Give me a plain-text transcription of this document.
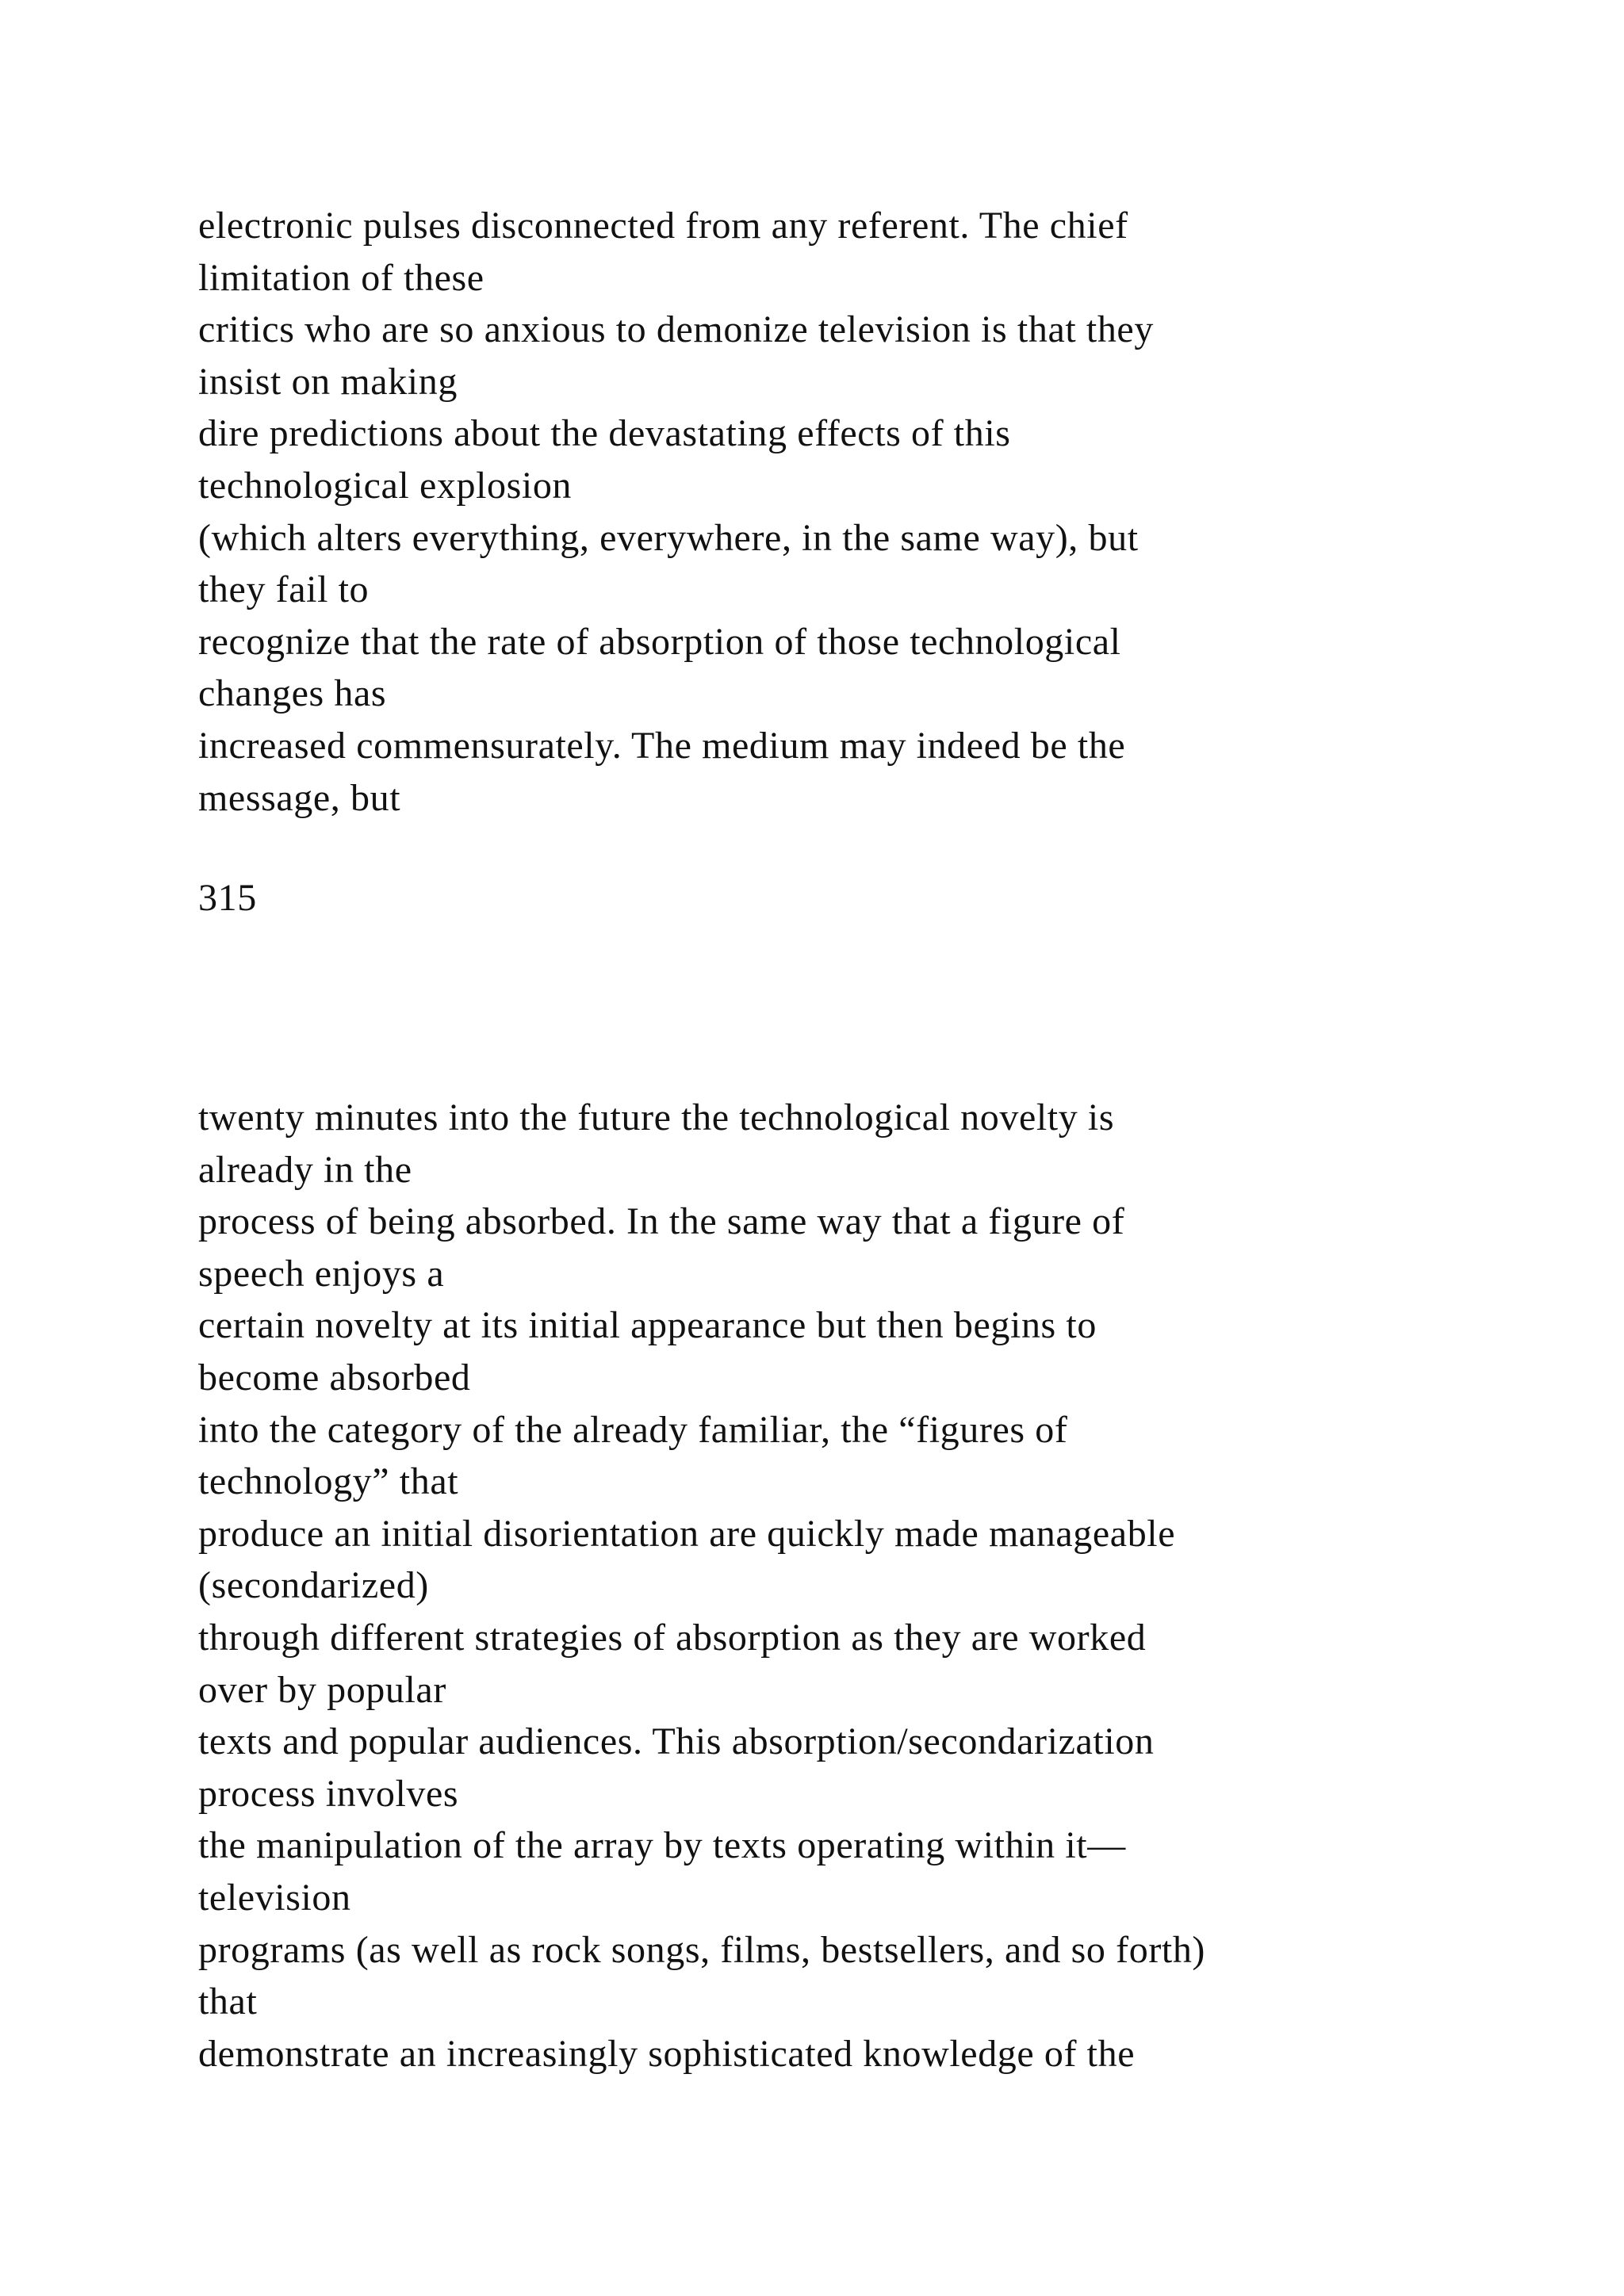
electronic pulses disconnected from any referent. The chief
limitation of these
critics who are so anxious to demonize television is that they
insist on making
dire predictions about the devastating effects of this
technological explosion
(which alters everything, everywhere, in the same way), but
they fail to
recognize that the rate of absorption of those technological
changes has
increased commensurately. The medium may indeed be the
message, but
315
twenty minutes into the future the technological novelty is
already in the
process of being absorbed. In the same way that a figure of
speech enjoys a
certain novelty at its initial appearance but then begins to
become absorbed
into the category of the already familiar, the “figures of
technology” that
produce an initial disorientation are quickly made manageable
(secondarized)
through different strategies of absorption as they are worked
over by popular
texts and popular audiences. This absorption/secondarization
process involves
the manipulation of the array by texts operating within it—
television
programs (as well as rock songs, films, bestsellers, and so forth)
that
demonstrate an increasingly sophisticated knowledge of the
